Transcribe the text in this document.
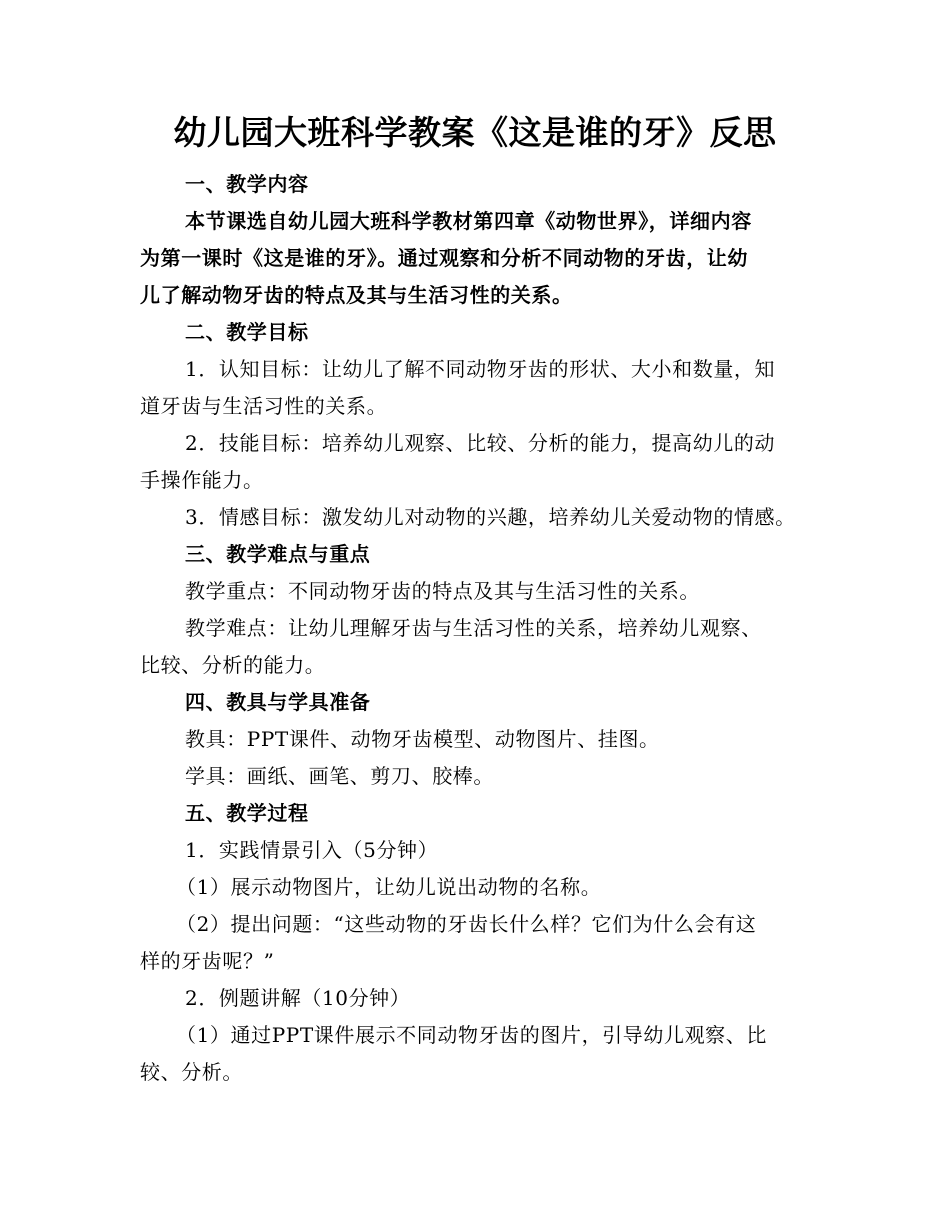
幼儿园大班科学教案《这是谁的牙》反思
一、教学内容
本节课选自幼儿园大班科学教材第四章《动物世界》，详细内容
为第一课时《这是谁的牙》。通过观察和分析不同动物的牙齿，让幼
儿了解动物牙齿的特点及其与生活习性的关系。
二、教学目标
1．认知目标：让幼儿了解不同动物牙齿的形状、大小和数量，知
道牙齿与生活习性的关系。
2．技能目标：培养幼儿观察、比较、分析的能力，提高幼儿的动
手操作能力。
3．情感目标：激发幼儿对动物的兴趣，培养幼儿关爱动物的情感。
三、教学难点与重点
教学重点：不同动物牙齿的特点及其与生活习性的关系。
教学难点：让幼儿理解牙齿与生活习性的关系，培养幼儿观察、
比较、分析的能力。
四、教具与学具准备
教具：PPT课件、动物牙齿模型、动物图片、挂图。
学具：画纸、画笔、剪刀、胶棒。
五、教学过程
1．实践情景引入（5分钟）
（1）展示动物图片，让幼儿说出动物的名称。
（2）提出问题：“这些动物的牙齿长什么样？它们为什么会有这
样的牙齿呢？”
2．例题讲解（10分钟）
（1）通过PPT课件展示不同动物牙齿的图片，引导幼儿观察、比
较、分析。
